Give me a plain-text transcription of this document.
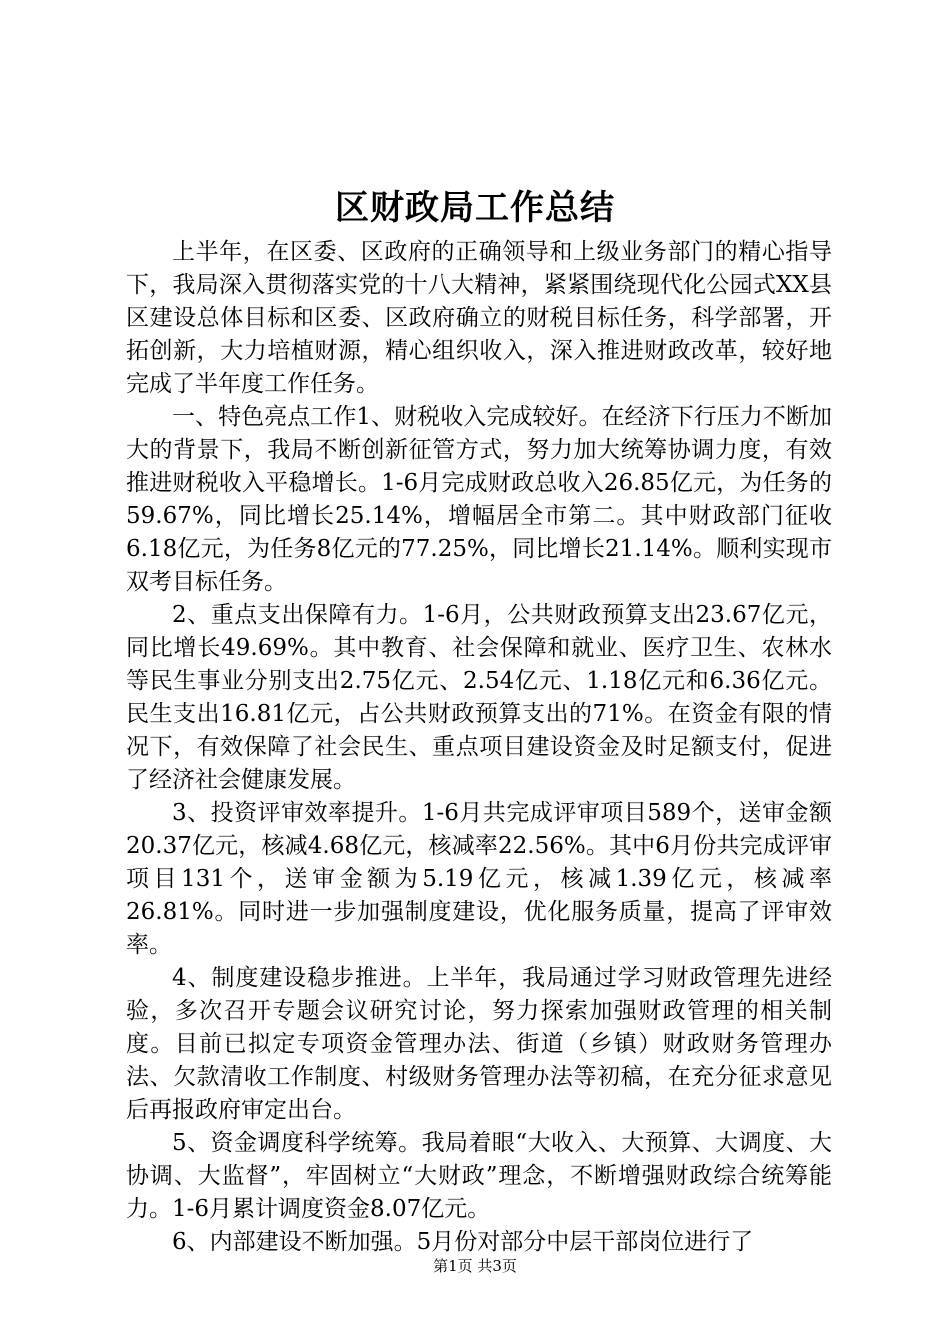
区财政局工作总结

上半年，在区委、区政府的正确领导和上级业务部门的精心指导下，我局深入贯彻落实党的十八大精神，紧紧围绕现代化公园式XX县区建设总体目标和区委、区政府确立的财税目标任务，科学部署，开拓创新，大力培植财源，精心组织收入，深入推进财政改革，较好地完成了半年度工作任务。

一、特色亮点工作1、财税收入完成较好。在经济下行压力不断加大的背景下，我局不断创新征管方式，努力加大统筹协调力度，有效推进财税收入平稳增长。1-6月完成财政总收入26.85亿元，为任务的59.67%，同比增长25.14%，增幅居全市第二。其中财政部门征收6.18亿元，为任务8亿元的77.25%，同比增长21.14%。顺利实现市双考目标任务。

2、重点支出保障有力。1-6月，公共财政预算支出23.67亿元，同比增长49.69%。其中教育、社会保障和就业、医疗卫生、农林水等民生事业分别支出2.75亿元、2.54亿元、1.18亿元和6.36亿元。民生支出16.81亿元，占公共财政预算支出的71%。在资金有限的情况下，有效保障了社会民生、重点项目建设资金及时足额支付，促进了经济社会健康发展。

3、投资评审效率提升。1-6月共完成评审项目589个，送审金额20.37亿元，核减4.68亿元，核减率22.56%。其中6月份共完成评审项目131个，送审金额为5.19亿元，核减1.39亿元，核减率26.81%。同时进一步加强制度建设，优化服务质量，提高了评审效率。

4、制度建设稳步推进。上半年，我局通过学习财政管理先进经验，多次召开专题会议研究讨论，努力探索加强财政管理的相关制度。目前已拟定专项资金管理办法、街道（乡镇）财政财务管理办法、欠款清收工作制度、村级财务管理办法等初稿，在充分征求意见后再报政府审定出台。

5、资金调度科学统筹。我局着眼“大收入、大预算、大调度、大协调、大监督”，牢固树立“大财政”理念，不断增强财政综合统筹能力。1-6月累计调度资金8.07亿元。

6、内部建设不断加强。5月份对部分中层干部岗位进行了

第1页 共3页
